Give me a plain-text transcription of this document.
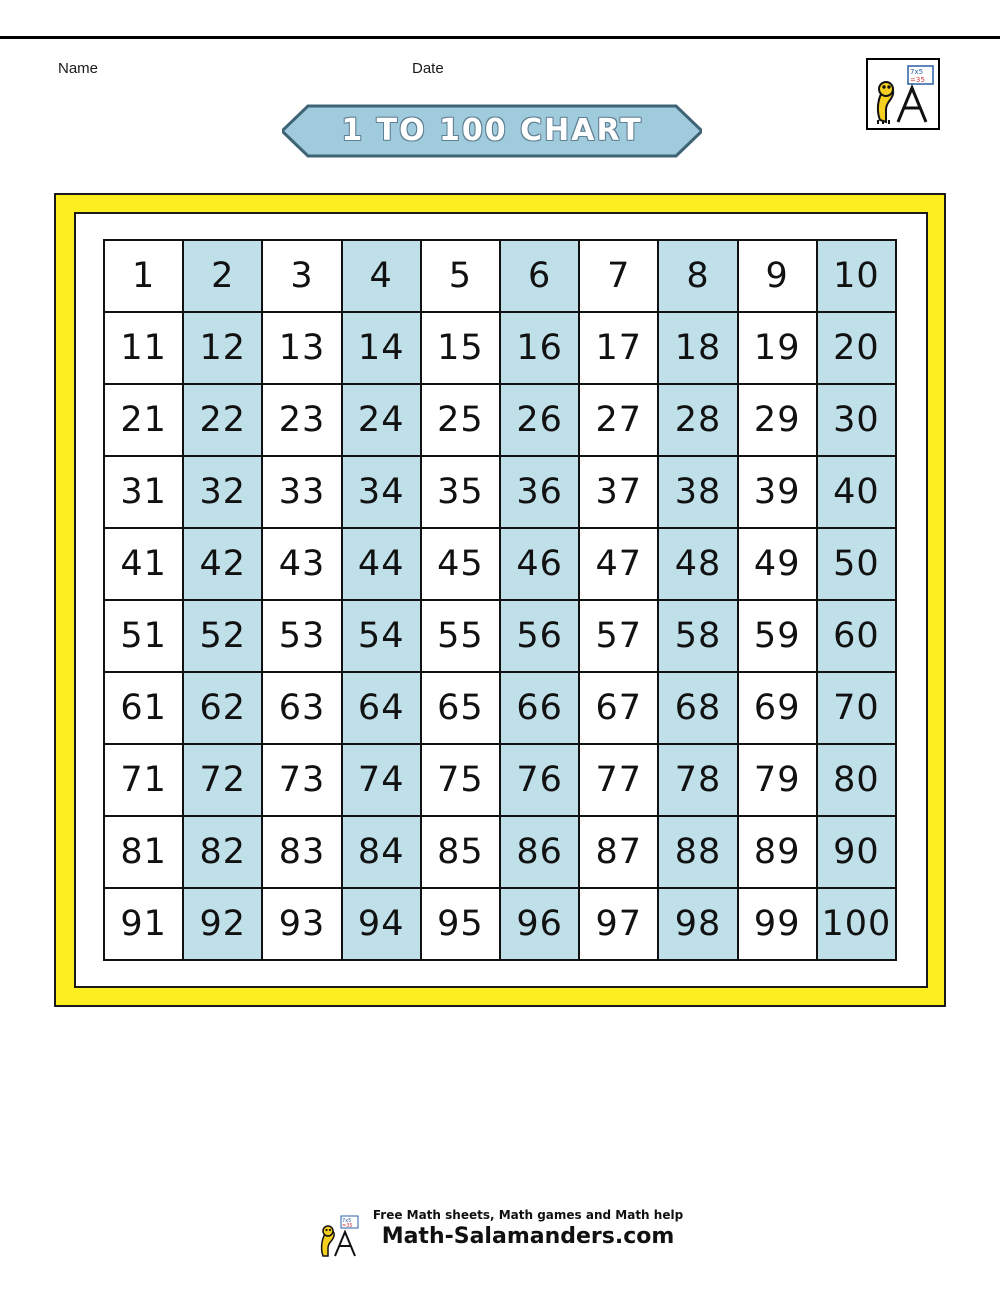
Name	Date	7x5
=35
1 TO 100 CHART
1	2	3	4	5	6	7	8	9	10
11 12 13 14 15 16 17 18 19 20
21 22 23 24 25 26 27 28 29 30
31 32 33 34 35 36 37 38 39 40
41 42 43 44 45 46 47 48 49 50
51 52 53 54 55 56 57 58 59 60
61 62 63 64 65 66 67 68 69 70
71 72 73 74 75 76 77 78 79 80
81 82 83 84 85 86 87 88 89 90
91 92 93 94 95 96 97 98 99 100
7x5
=35

Free Math sheets, Math games and Math help

Math-Salamanders.com
